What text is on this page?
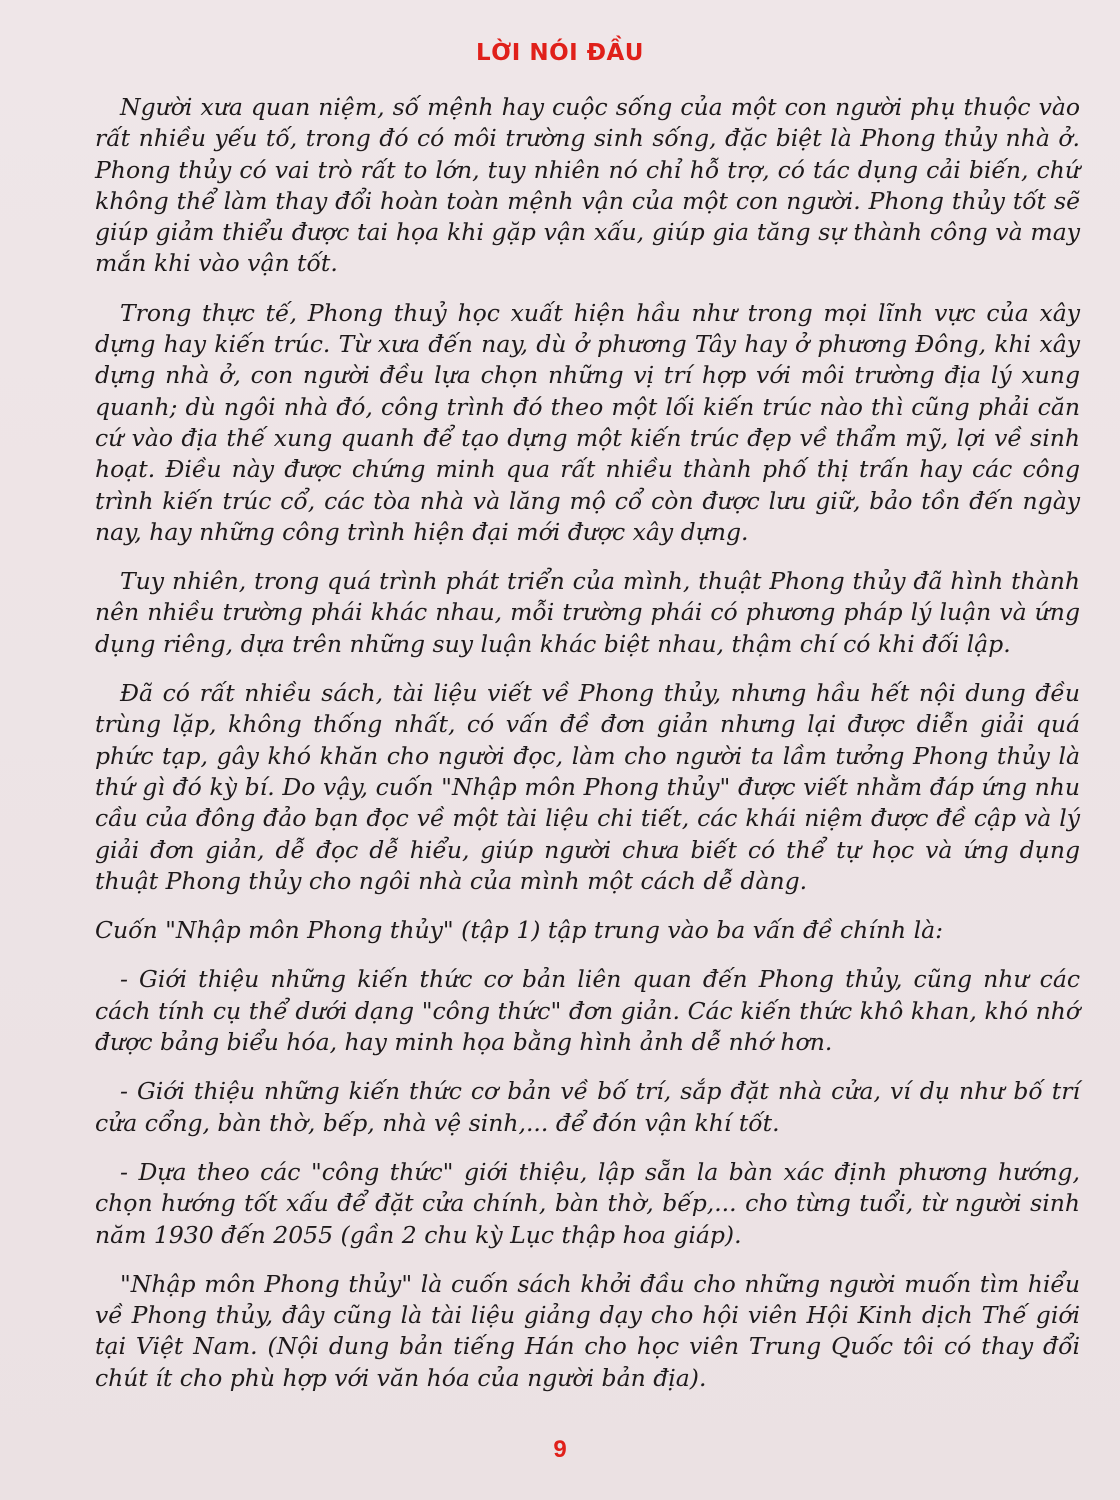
LỜI NÓI ĐẦU

Người xưa quan niệm, số mệnh hay cuộc sống của một con người phụ thuộc vào rất nhiều yếu tố, trong đó có môi trường sinh sống, đặc biệt là Phong thủy nhà ở. Phong thủy có vai trò rất to lớn, tuy nhiên nó chỉ hỗ trợ, có tác dụng cải biến, chứ không thể làm thay đổi hoàn toàn mệnh vận của một con người. Phong thủy tốt sẽ giúp giảm thiểu được tai họa khi gặp vận xấu, giúp gia tăng sự thành công và may mắn khi vào vận tốt.

Trong thực tế, Phong thuỷ học xuất hiện hầu như trong mọi lĩnh vực của xây dựng hay kiến trúc. Từ xưa đến nay, dù ở phương Tây hay ở phương Đông, khi xây dựng nhà ở, con người đều lựa chọn những vị trí hợp với môi trường địa lý xung quanh; dù ngôi nhà đó, công trình đó theo một lối kiến trúc nào thì cũng phải căn cứ vào địa thế xung quanh để tạo dựng một kiến trúc đẹp về thẩm mỹ, lợi về sinh hoạt. Điều này được chứng minh qua rất nhiều thành phố thị trấn hay các công trình kiến trúc cổ, các tòa nhà và lăng mộ cổ còn được lưu giữ, bảo tồn đến ngày nay, hay những công trình hiện đại mới được xây dựng.

Tuy nhiên, trong quá trình phát triển của mình, thuật Phong thủy đã hình thành nên nhiều trường phái khác nhau, mỗi trường phái có phương pháp lý luận và ứng dụng riêng, dựa trên những suy luận khác biệt nhau, thậm chí có khi đối lập.

Đã có rất nhiều sách, tài liệu viết về Phong thủy, nhưng hầu hết nội dung đều trùng lặp, không thống nhất, có vấn đề đơn giản nhưng lại được diễn giải quá phức tạp, gây khó khăn cho người đọc, làm cho người ta lầm tưởng Phong thủy là thứ gì đó kỳ bí. Do vậy, cuốn "Nhập môn Phong thủy" được viết nhằm đáp ứng nhu cầu của đông đảo bạn đọc về một tài liệu chi tiết, các khái niệm được đề cập và lý giải đơn giản, dễ đọc dễ hiểu, giúp người chưa biết có thể tự học và ứng dụng thuật Phong thủy cho ngôi nhà của mình một cách dễ dàng.

Cuốn "Nhập môn Phong thủy" (tập 1) tập trung vào ba vấn đề chính là:

- Giới thiệu những kiến thức cơ bản liên quan đến Phong thủy, cũng như các cách tính cụ thể dưới dạng "công thức" đơn giản. Các kiến thức khô khan, khó nhớ được bảng biểu hóa, hay minh họa bằng hình ảnh dễ nhớ hơn.

- Giới thiệu những kiến thức cơ bản về bố trí, sắp đặt nhà cửa, ví dụ như bố trí cửa cổng, bàn thờ, bếp, nhà vệ sinh,... để đón vận khí tốt.

- Dựa theo các "công thức" giới thiệu, lập sẵn la bàn xác định phương hướng, chọn hướng tốt xấu để đặt cửa chính, bàn thờ, bếp,... cho từng tuổi, từ người sinh năm 1930 đến 2055 (gần 2 chu kỳ Lục thập hoa giáp).

"Nhập môn Phong thủy" là cuốn sách khởi đầu cho những người muốn tìm hiểu về Phong thủy, đây cũng là tài liệu giảng dạy cho hội viên Hội Kinh dịch Thế giới tại Việt Nam. (Nội dung bản tiếng Hán cho học viên Trung Quốc tôi có thay đổi chút ít cho phù hợp với văn hóa của người bản địa).

9
